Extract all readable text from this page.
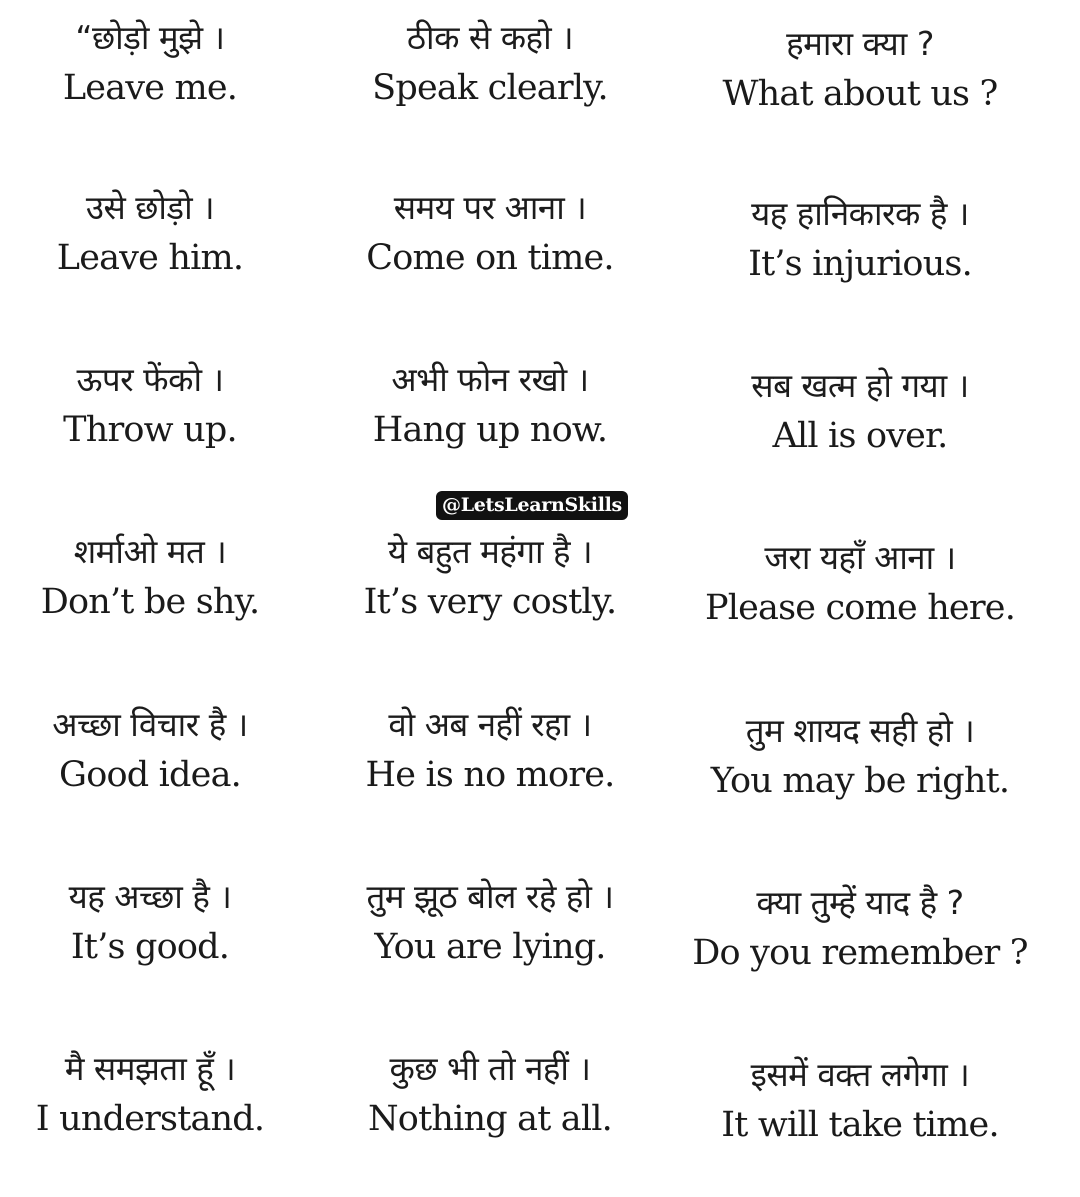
“छोड़ो मुझे ।
Leave me.
ठीक से कहो ।
Speak clearly.
हमारा क्या ?
What about us ?
उसे छोड़ो ।
Leave him.
समय पर आना ।
Come on time.
यह हानिकारक है ।
It’s injurious.
ऊपर फेंको ।
Throw up.
अभी फोन रखो ।
Hang up now.
सब खत्म हो गया ।
All is over.
शर्माओ मत ।
Don’t be shy.
ये बहुत महंगा है ।
It’s very costly.
जरा यहाँ आना ।
Please come here.
अच्छा विचार है ।
Good idea.
वो अब नहीं रहा ।
He is no more.
तुम शायद सही हो ।
You may be right.
यह अच्छा है ।
It’s good.
तुम झूठ बोल रहे हो ।
You are lying.
क्या तुम्हें याद है ?
Do you remember ?
मै समझता हूँ ।
I understand.
कुछ भी तो नहीं ।
Nothing at all.
इसमें वक्त लगेगा ।
It will take time.
@LetsLearnSkills
